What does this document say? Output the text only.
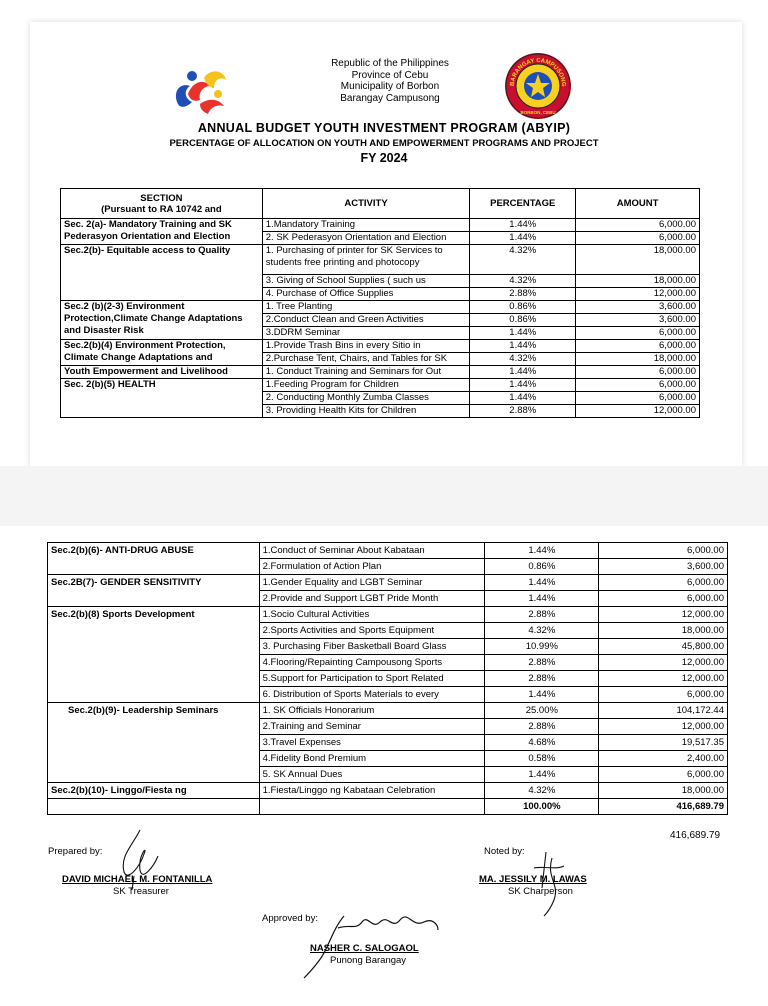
BARANGAY CAMPUSONG
BORBON, CEBU
Republic of the Philippines
Province of Cebu
Municipality of Borbon
Barangay Campusong
ANNUAL BUDGET YOUTH INVESTMENT PROGRAM (ABYIP)
PERCENTAGE OF ALLOCATION ON YOUTH AND EMPOWERMENT PROGRAMS AND PROJECT
FY 2024
SECTION
(Pursuant to RA 10742 and	ACTIVITY	PERCENTAGE	AMOUNT
Sec. 2(a)- Mandatory Training and SK Pederasyon Orientation and Election	1.Mandatory Training	1.44%	6,000.00
	2. SK Pederasyon Orientation and Election	1.44%	6,000.00
Sec.2(b)- Equitable access to Quality	1. Purchasing of printer for SK Services to students free printing and photocopy	4.32%	18,000.00
	3. Giving of School Supplies ( such us	4.32%	18,000.00
	4. Purchase of Office Supplies	2.88%	12,000.00
Sec.2 (b)(2-3) Environment Protection,Climate Change Adaptations and Disaster Risk	1. Tree Planting	0.86%	3,600.00
	2.Conduct Clean and Green Activities	0.86%	3,600.00
	3.DDRM Seminar	1.44%	6,000.00
Sec.2(b)(4) Environment Protection, Climate Change Adaptations and	1.Provide Trash Bins in every Sitio in	1.44%	6,000.00
	2.Purchase Tent, Chairs, and Tables for SK	4.32%	18,000.00
Youth Empowerment and Livelihood	1. Conduct Training and Seminars for Out	1.44%	6,000.00
Sec. 2(b)(5) HEALTH	1.Feeding Program for Children	1.44%	6,000.00
	2. Conducting Monthly Zumba Classes	1.44%	6,000.00
	3. Providing Health Kits for Children	2.88%	12,000.00
Sec.2(b)(6)- ANTI-DRUG ABUSE	1.Conduct of Seminar About Kabataan	1.44%	6,000.00
	2.Formulation of Action Plan	0.86%	3,600.00
Sec.2B(7)- GENDER SENSITIVITY	1.Gender Equality and LGBT Seminar	1.44%	6,000.00
	2.Provide and Support LGBT Pride Month	1.44%	6,000.00
Sec.2(b)(8) Sports Development	1.Socio Cultural Activities	2.88%	12,000.00
	2.Sports Activities and Sports Equipment	4.32%	18,000.00
	3. Purchasing Fiber Basketball Board Glass	10.99%	45,800.00
	4.Flooring/Repainting Campousong Sports	2.88%	12,000.00
	5.Support for Participation to Sport Related	2.88%	12,000.00
	6. Distribution of Sports Materials to every	1.44%	6,000.00
Sec.2(b)(9)- Leadership Seminars	1. SK Officials Honorarium	25.00%	104,172.44
	2.Training and Seminar	2.88%	12,000.00
	3.Travel Expenses	4.68%	19,517.35
	4.Fidelity Bond Premium	0.58%	2,400.00
	5. SK Annual Dues	1.44%	6,000.00
Sec.2(b)(10)- Linggo/Fiesta ng	1.Fiesta/Linggo ng Kabataan Celebration	4.32%	18,000.00
		100.00%	416,689.79
416,689.79
Prepared by:
DAVID MICHAEL M. FONTANILLA
SK Treasurer
Noted by:
MA. JESSILY M. LAWAS
SK Charperson
Approved by:
NASHER C. SALOGAOL
Punong Barangay
